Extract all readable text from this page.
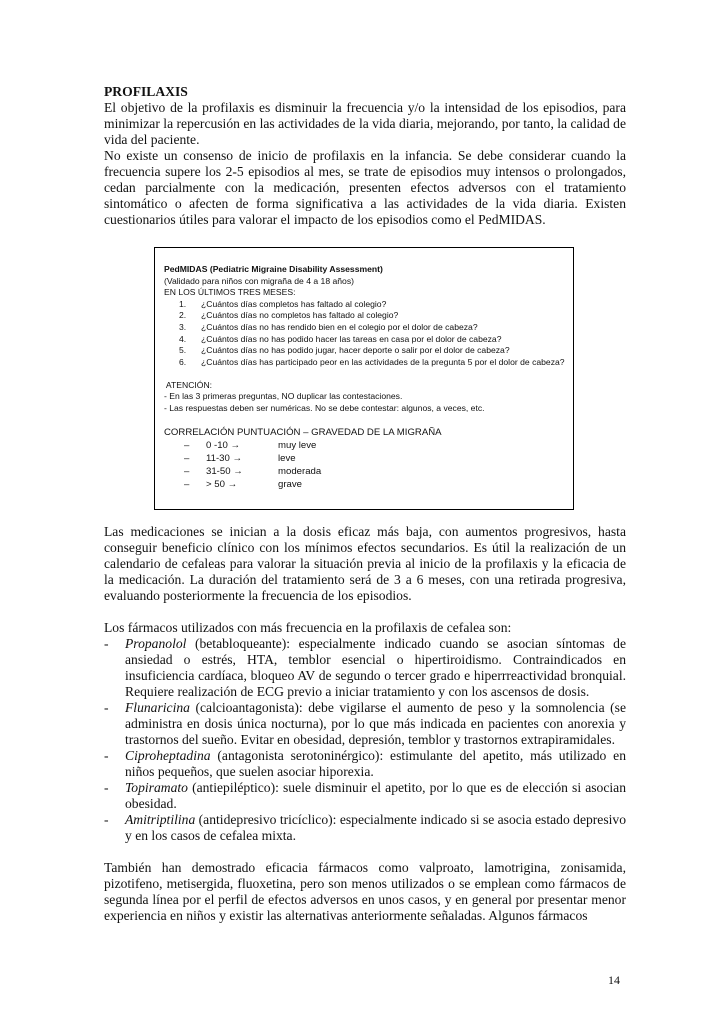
PROFILAXIS

El objetivo de la profilaxis es disminuir la frecuencia y/o la intensidad de los episodios, para minimizar la repercusión en las actividades de la vida diaria, mejorando, por tanto, la calidad de vida del paciente.

No existe un consenso de inicio de profilaxis en la infancia. Se debe considerar cuando la frecuencia supere los 2-5 episodios al mes, se trate de episodios muy intensos o prolongados, cedan parcialmente con la medicación, presenten efectos adversos con el tratamiento sintomático o afecten de forma significativa a las actividades de la vida diaria. Existen cuestionarios útiles para valorar el impacto de los episodios como el PedMIDAS.

PedMIDAS (Pediatric Migraine Disability Assessment)
(Validado para niños con migraña de 4 a 18 años)
EN LOS ÚLTIMOS TRES MESES:
1.	¿Cuántos días completos has faltado al colegio?
2.	¿Cuántos días no completos has faltado al colegio?
3.	¿Cuántos días no has rendido bien en el colegio por el dolor de cabeza?
4.	¿Cuántos días no has podido hacer las tareas en casa por el dolor de cabeza?
5.	¿Cuántos días no has podido jugar, hacer deporte o salir por el dolor de cabeza?
6.	¿Cuántos días has participado peor en las actividades de la pregunta 5 por el dolor de cabeza?
ATENCIÓN:
- En las 3 primeras preguntas, NO duplicar las contestaciones.
- Las respuestas deben ser numéricas. No se debe contestar: algunos, a veces, etc.
CORRELACIÓN PUNTUACIÓN – GRAVEDAD DE LA MIGRAÑA
–	0 -10 →	muy leve
–	11-30 →	leve
–	31-50 →	moderada
–	> 50 →	grave

Las medicaciones se inician a la dosis eficaz más baja, con aumentos progresivos, hasta conseguir beneficio clínico con los mínimos efectos secundarios. Es útil la realización de un calendario de cefaleas para valorar la situación previa al inicio de la profilaxis y la eficacia de la medicación. La duración del tratamiento será de 3 a 6 meses, con una retirada progresiva, evaluando posteriormente la frecuencia de los episodios.

Los fármacos utilizados con más frecuencia en la profilaxis de cefalea son:

-	Propanolol (betabloqueante): especialmente indicado cuando se asocian síntomas de ansiedad o estrés, HTA, temblor esencial o hipertiroidismo. Contraindicados en insuficiencia cardíaca, bloqueo AV de segundo o tercer grado e hiperrreactividad bronquial. Requiere realización de ECG previo a iniciar tratamiento y con los ascensos de dosis.
-	Flunaricina (calcioantagonista): debe vigilarse el aumento de peso y la somnolencia (se administra en dosis única nocturna), por lo que más indicada en pacientes con anorexia y trastornos del sueño. Evitar en obesidad, depresión, temblor y trastornos extrapiramidales.
-	Ciproheptadina (antagonista serotoninérgico): estimulante del apetito, más utilizado en niños pequeños, que suelen asociar hiporexia.
-	Topiramato (antiepiléptico): suele disminuir el apetito, por lo que es de elección si asocian obesidad.
-	Amitriptilina (antidepresivo tricíclico): especialmente indicado si se asocia estado depresivo y en los casos de cefalea mixta.

También han demostrado eficacia fármacos como valproato, lamotrigina, zonisamida, pizotifeno, metisergida, fluoxetina, pero son menos utilizados o se emplean como fármacos de segunda línea por el perfil de efectos adversos en unos casos, y en general por presentar menor experiencia en niños y existir las alternativas anteriormente señaladas. Algunos fármacos

14
